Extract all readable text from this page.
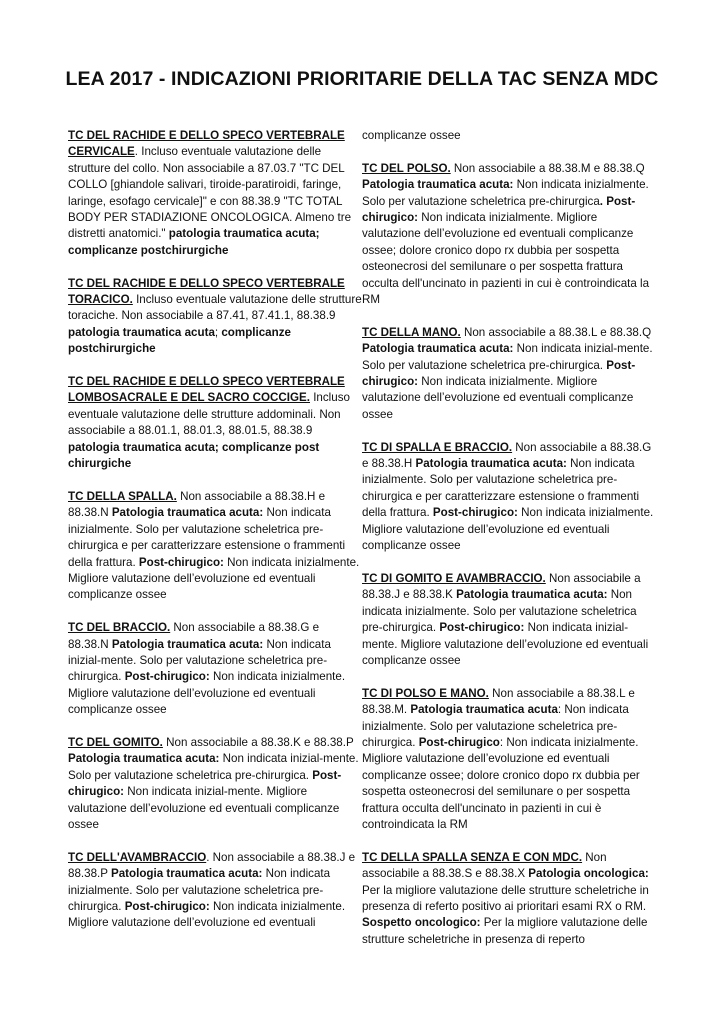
LEA 2017 - INDICAZIONI PRIORITARIE DELLA TAC SENZA MDC
TC DEL RACHIDE E DELLO SPECO VERTEBRALE CERVICALE. Incluso eventuale valutazione delle strutture del collo. Non associabile a 87.03.7 "TC DEL COLLO [ghiandole salivari, tiroide-paratiroidi, faringe, laringe, esofago cervicale]" e con 88.38.9 "TC TOTAL BODY PER STADIAZIONE ONCOLOGICA. Almeno tre distretti anatomici." patologia traumatica acuta; complicanze postchirurgiche
TC DEL RACHIDE E DELLO SPECO VERTEBRALE TORACICO. Incluso eventuale valutazione delle strutture toraciche. Non associabile a 87.41, 87.41.1, 88.38.9 patologia traumatica acuta; complicanze postchirurgiche
TC DEL RACHIDE E DELLO SPECO VERTEBRALE LOMBOSACRALE E DEL SACRO COCCIGE. Incluso eventuale valutazione delle strutture addominali. Non associabile a 88.01.1, 88.01.3, 88.01.5, 88.38.9 patologia traumatica acuta; complicanze post chirurgiche
TC DELLA SPALLA. Non associabile a 88.38.H e 88.38.N Patologia traumatica acuta: Non indicata inizialmente. Solo per valutazione scheletrica pre-chirurgica e per caratterizzare estensione o frammenti della frattura. Post-chirugico: Non indicata inizialmente. Migliore valutazione dell’evoluzione ed eventuali complicanze ossee
TC DEL BRACCIO. Non associabile a 88.38.G e 88.38.N Patologia traumatica acuta: Non indicata inizial-mente. Solo per valutazione scheletrica pre-chirurgica. Post-chirugico: Non indicata inizialmente. Migliore valutazione dell’evoluzione ed eventuali complicanze ossee
TC DEL GOMITO. Non associabile a 88.38.K e 88.38.P Patologia traumatica acuta: Non indicata inizial-mente. Solo per valutazione scheletrica pre-chirurgica. Post-chirugico: Non indicata inizial-mente. Migliore valutazione dell’evoluzione ed eventuali complicanze ossee
TC DELL'AVAMBRACCIO. Non associabile a 88.38.J e 88.38.P Patologia traumatica acuta: Non indicata inizialmente. Solo per valutazione scheletrica pre-chirurgica. Post-chirugico: Non indicata inizialmente. Migliore valutazione dell’evoluzione ed eventuali
complicanze ossee
TC DEL POLSO. Non associabile a 88.38.M e 88.38.Q Patologia traumatica acuta: Non indicata inizialmente. Solo per valutazione scheletrica pre-chirurgica. Post-chirugico: Non indicata inizialmente. Migliore valutazione dell’evoluzione ed eventuali complicanze ossee; dolore cronico dopo rx dubbia per sospetta osteonecrosi del semilunare o per sospetta frattura occulta dell'uncinato in pazienti in cui è controindicata la RM
TC DELLA MANO. Non associabile a 88.38.L e 88.38.Q Patologia traumatica acuta: Non indicata inizial-mente. Solo per valutazione scheletrica pre-chirurgica. Post-chirugico: Non indicata inizialmente. Migliore valutazione dell’evoluzione ed eventuali complicanze ossee
TC DI SPALLA E BRACCIO. Non associabile a 88.38.G e 88.38.H Patologia traumatica acuta: Non indicata inizialmente. Solo per valutazione scheletrica pre-chirurgica e per caratterizzare estensione o frammenti della frattura. Post-chirugico: Non indicata inizialmente. Migliore valutazione dell’evoluzione ed eventuali complicanze ossee
TC DI GOMITO E AVAMBRACCIO. Non associabile a 88.38.J e 88.38.K Patologia traumatica acuta: Non indicata inizialmente. Solo per valutazione scheletrica pre-chirurgica. Post-chirugico: Non indicata inizial-mente. Migliore valutazione dell’evoluzione ed eventuali complicanze ossee
TC DI POLSO E MANO. Non associabile a 88.38.L e 88.38.M. Patologia traumatica acuta: Non indicata inizialmente. Solo per valutazione scheletrica pre-chirurgica. Post-chirugico: Non indicata inizialmente. Migliore valutazione dell’evoluzione ed eventuali complicanze ossee; dolore cronico dopo rx dubbia per sospetta osteonecrosi del semilunare o per sospetta frattura occulta dell'uncinato in pazienti in cui è controindicata la RM
TC DELLA SPALLA SENZA E CON MDC. Non associabile a 88.38.S e 88.38.X Patologia oncologica: Per la migliore valutazione delle strutture scheletriche in presenza di referto positivo ai prioritari esami RX o RM. Sospetto oncologico: Per la migliore valutazione delle strutture scheletriche in presenza di reperto
